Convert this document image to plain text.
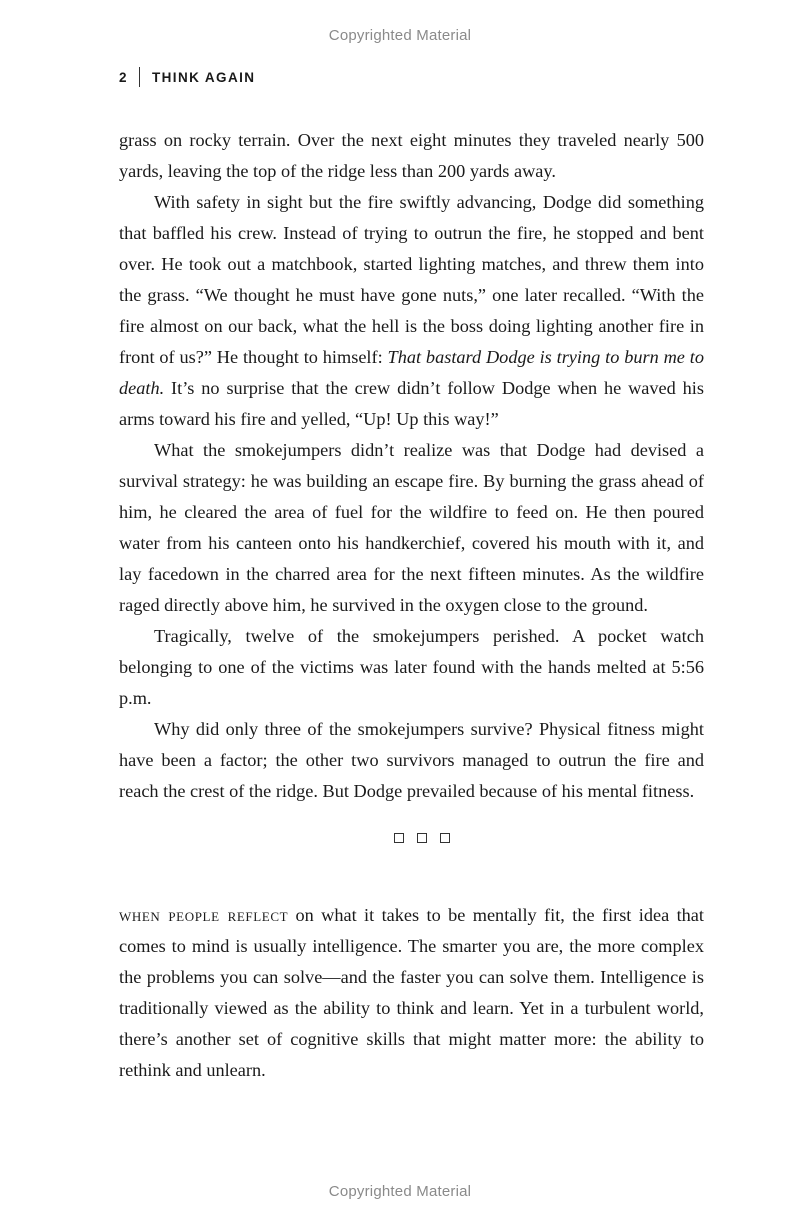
Copyrighted Material
2 THINK AGAIN

grass on rocky terrain. Over the next eight minutes they traveled nearly 500 yards, leaving the top of the ridge less than 200 yards away.

With safety in sight but the fire swiftly advancing, Dodge did something that baffled his crew. Instead of trying to outrun the fire, he stopped and bent over. He took out a matchbook, started lighting matches, and threw them into the grass. “We thought he must have gone nuts,” one later recalled. “With the fire almost on our back, what the hell is the boss doing lighting another fire in front of us?” He thought to himself: That bastard Dodge is trying to burn me to death. It’s no surprise that the crew didn’t follow Dodge when he waved his arms toward his fire and yelled, “Up! Up this way!”

What the smokejumpers didn’t realize was that Dodge had devised a survival strategy: he was building an escape fire. By burning the grass ahead of him, he cleared the area of fuel for the wildfire to feed on. He then poured water from his canteen onto his handkerchief, covered his mouth with it, and lay facedown in the charred area for the next fifteen minutes. As the wildfire raged directly above him, he survived in the oxygen close to the ground.

Tragically, twelve of the smokejumpers perished. A pocket watch belonging to one of the victims was later found with the hands melted at 5:56 p.m.

Why did only three of the smokejumpers survive? Physical fitness might have been a factor; the other two survivors managed to outrun the fire and reach the crest of the ridge. But Dodge prevailed because of his mental fitness.

when people reflect on what it takes to be mentally fit, the first idea that comes to mind is usually intelligence. The smarter you are, the more complex the problems you can solve—and the faster you can solve them. Intelligence is traditionally viewed as the ability to think and learn. Yet in a turbulent world, there’s another set of cognitive skills that might matter more: the ability to rethink and unlearn.

Copyrighted Material
